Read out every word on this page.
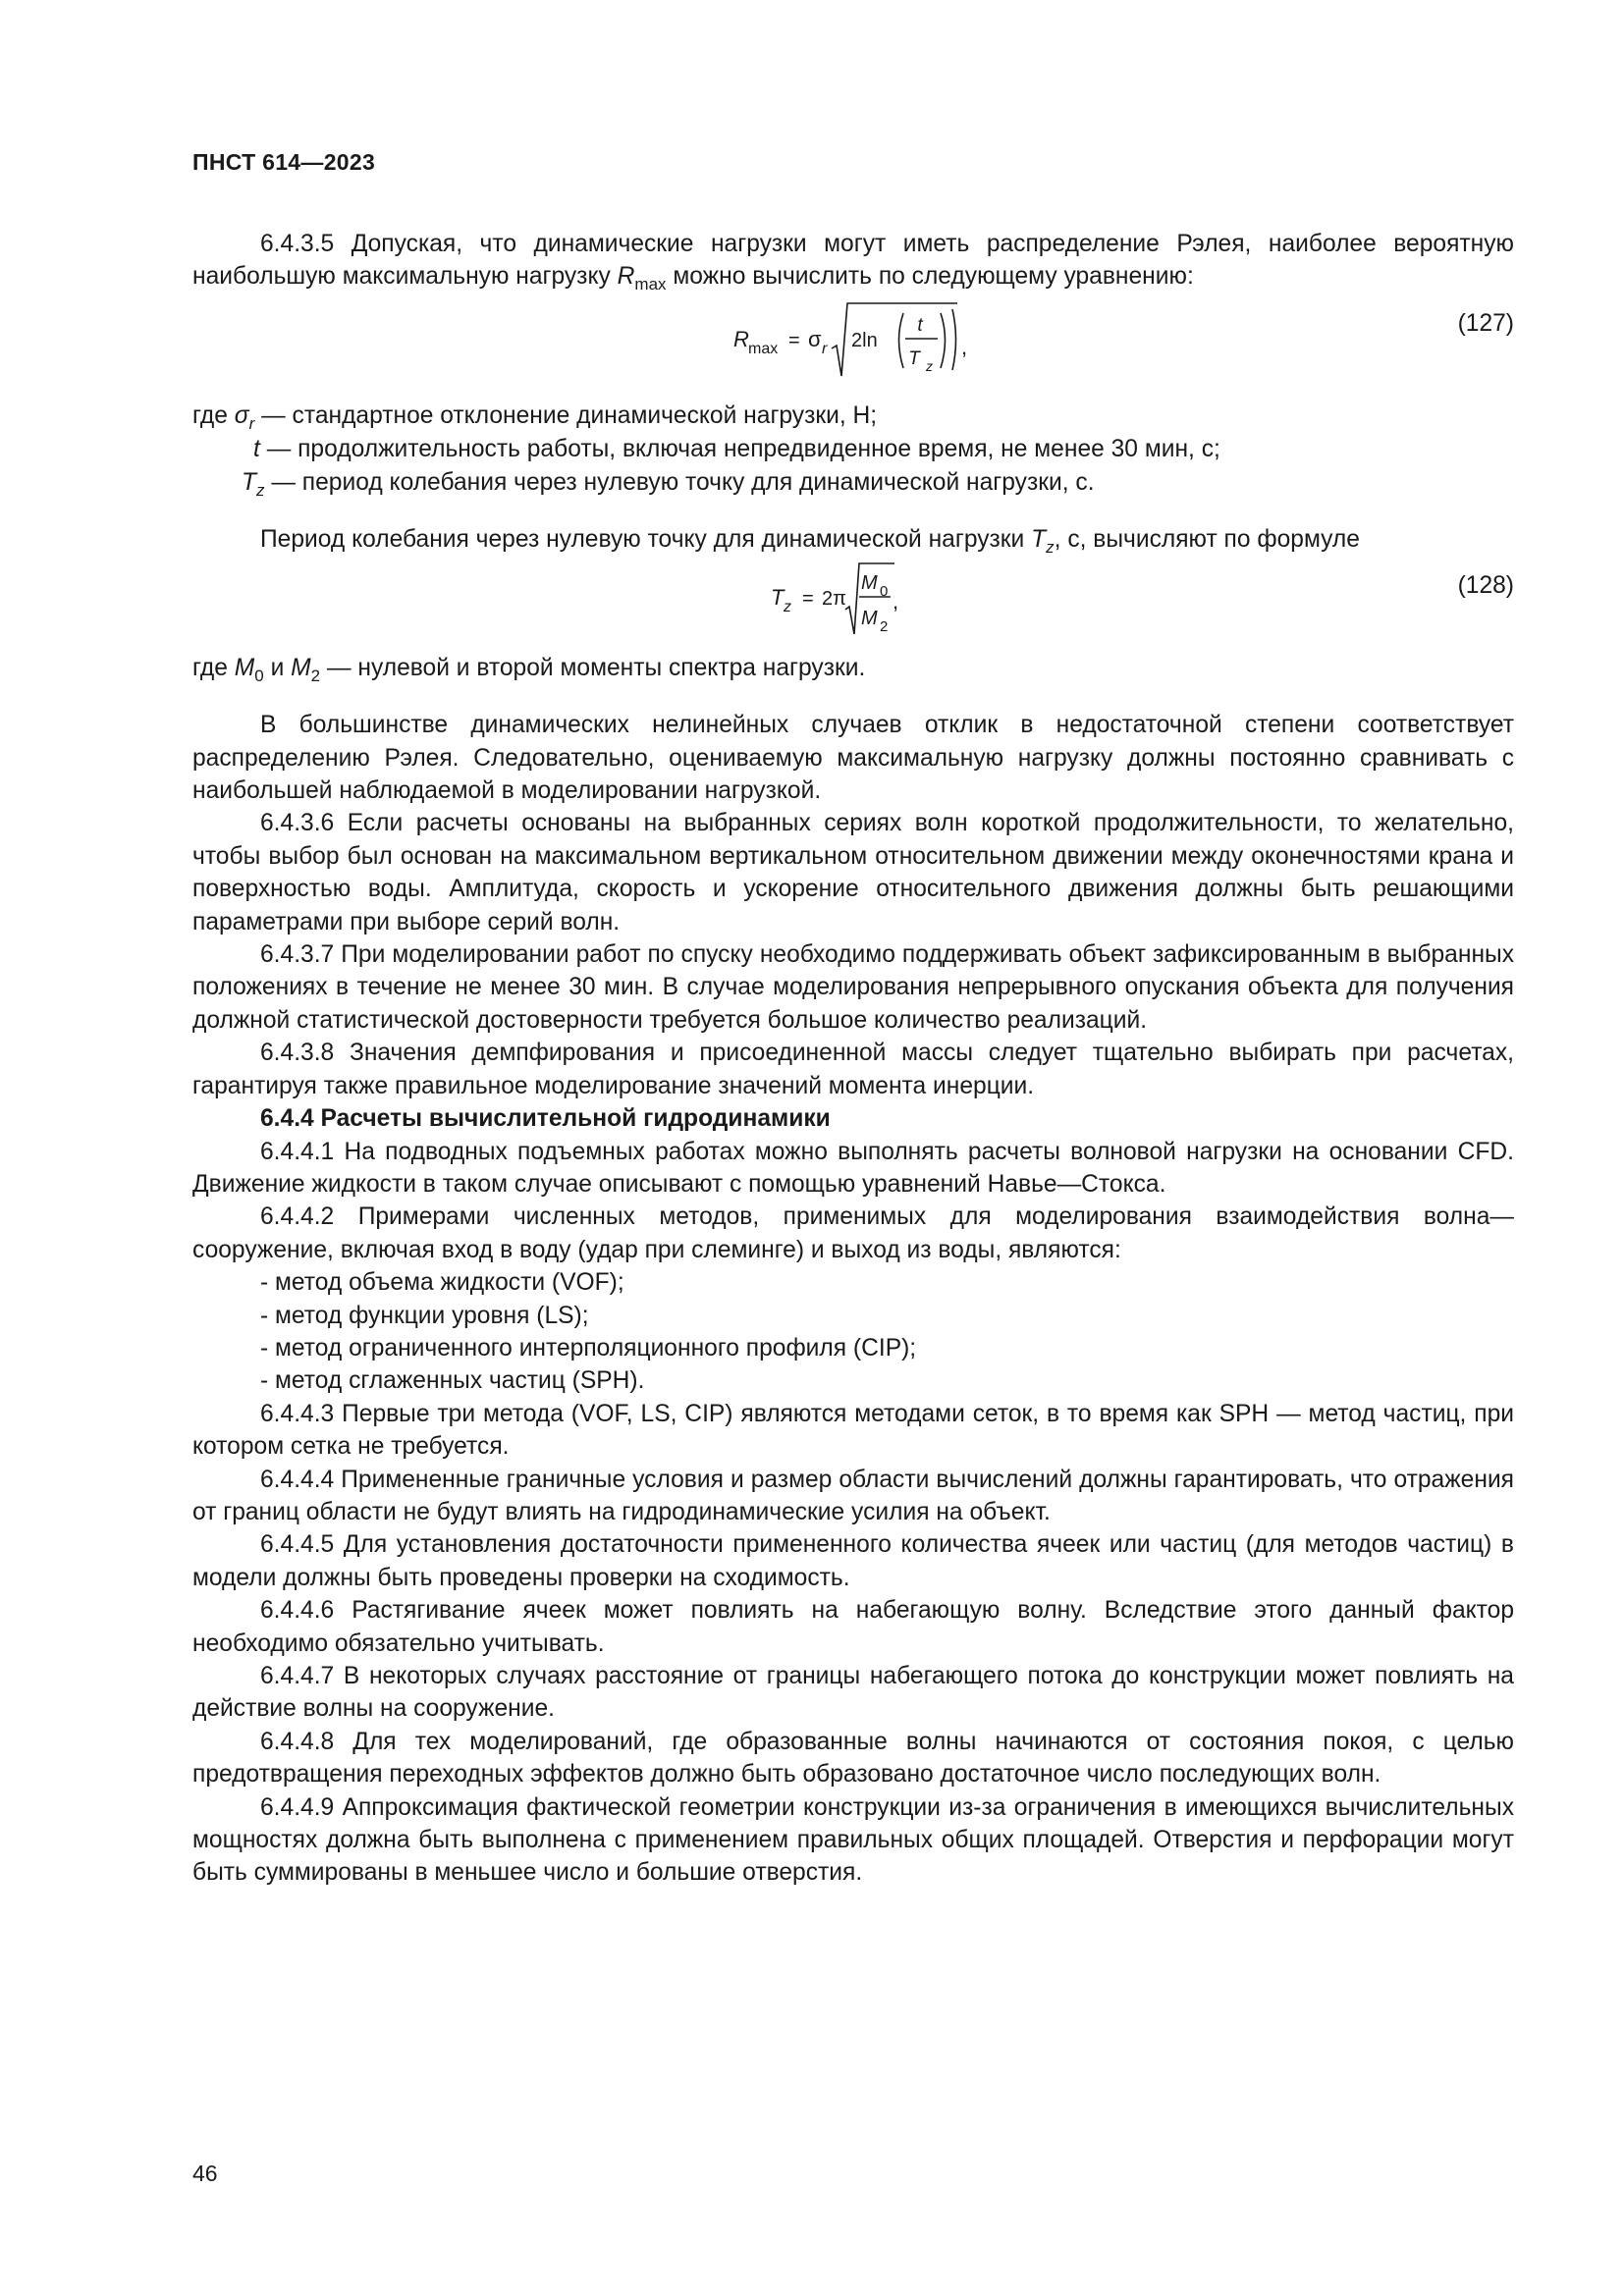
ПНСТ 614—2023

6.4.3.5 Допуская, что динамические нагрузки могут иметь распределение Рэлея, наиболее вероятную наибольшую максимальную нагрузку $R_{max}$ можно вычислить по следующему уравнению:

R max = σ r 2ln
t
T z
,
(127)

где $\sigma_r$ — стандартное отклонение динамической нагрузки, Н;

t — продолжительность работы, включая непредвиденное время, не менее 30 мин, с;

$T_z$ — период колебания через нулевую точку для динамической нагрузки, с.

Период колебания через нулевую точку для динамической нагрузки $T_z$, с, вычисляют по формуле

T z = 2π
M 0
M 2
,
(128)

где $M_0$ и $M_2$ — нулевой и второй моменты спектра нагрузки.

В большинстве динамических нелинейных случаев отклик в недостаточной степени соответствует распределению Рэлея. Следовательно, оцениваемую максимальную нагрузку должны постоянно сравнивать с наибольшей наблюдаемой в моделировании нагрузкой.

6.4.3.6 Если расчеты основаны на выбранных сериях волн короткой продолжительности, то желательно, чтобы выбор был основан на максимальном вертикальном относительном движении между оконечностями крана и поверхностью воды. Амплитуда, скорость и ускорение относительного движения должны быть решающими параметрами при выборе серий волн.

6.4.3.7 При моделировании работ по спуску необходимо поддерживать объект зафиксированным в выбранных положениях в течение не менее 30 мин. В случае моделирования непрерывного опускания объекта для получения должной статистической достоверности требуется большое количество реализаций.

6.4.3.8 Значения демпфирования и присоединенной массы следует тщательно выбирать при расчетах, гарантируя также правильное моделирование значений момента инерции.

6.4.4 Расчеты вычислительной гидродинамики

6.4.4.1 На подводных подъемных работах можно выполнять расчеты волновой нагрузки на основании CFD. Движение жидкости в таком случае описывают с помощью уравнений Навье—Стокса.

6.4.4.2 Примерами численных методов, применимых для моделирования взаимодействия волна—сооружение, включая вход в воду (удар при слеминге) и выход из воды, являются:

- метод объема жидкости (VOF);

- метод функции уровня (LS);

- метод ограниченного интерполяционного профиля (CIP);

- метод сглаженных частиц (SPH).

6.4.4.3 Первые три метода (VOF, LS, CIP) являются методами сеток, в то время как SPH — метод частиц, при котором сетка не требуется.

6.4.4.4 Примененные граничные условия и размер области вычислений должны гарантировать, что отражения от границ области не будут влиять на гидродинамические усилия на объект.

6.4.4.5 Для установления достаточности примененного количества ячеек или частиц (для методов частиц) в модели должны быть проведены проверки на сходимость.

6.4.4.6 Растягивание ячеек может повлиять на набегающую волну. Вследствие этого данный фактор необходимо обязательно учитывать.

6.4.4.7 В некоторых случаях расстояние от границы набегающего потока до конструкции может повлиять на действие волны на сооружение.

6.4.4.8 Для тех моделирований, где образованные волны начинаются от состояния покоя, с целью предотвращения переходных эффектов должно быть образовано достаточное число последующих волн.

6.4.4.9 Аппроксимация фактической геометрии конструкции из-за ограничения в имеющихся вычислительных мощностях должна быть выполнена с применением правильных общих площадей. Отверстия и перфорации могут быть суммированы в меньшее число и большие отверстия.

46
